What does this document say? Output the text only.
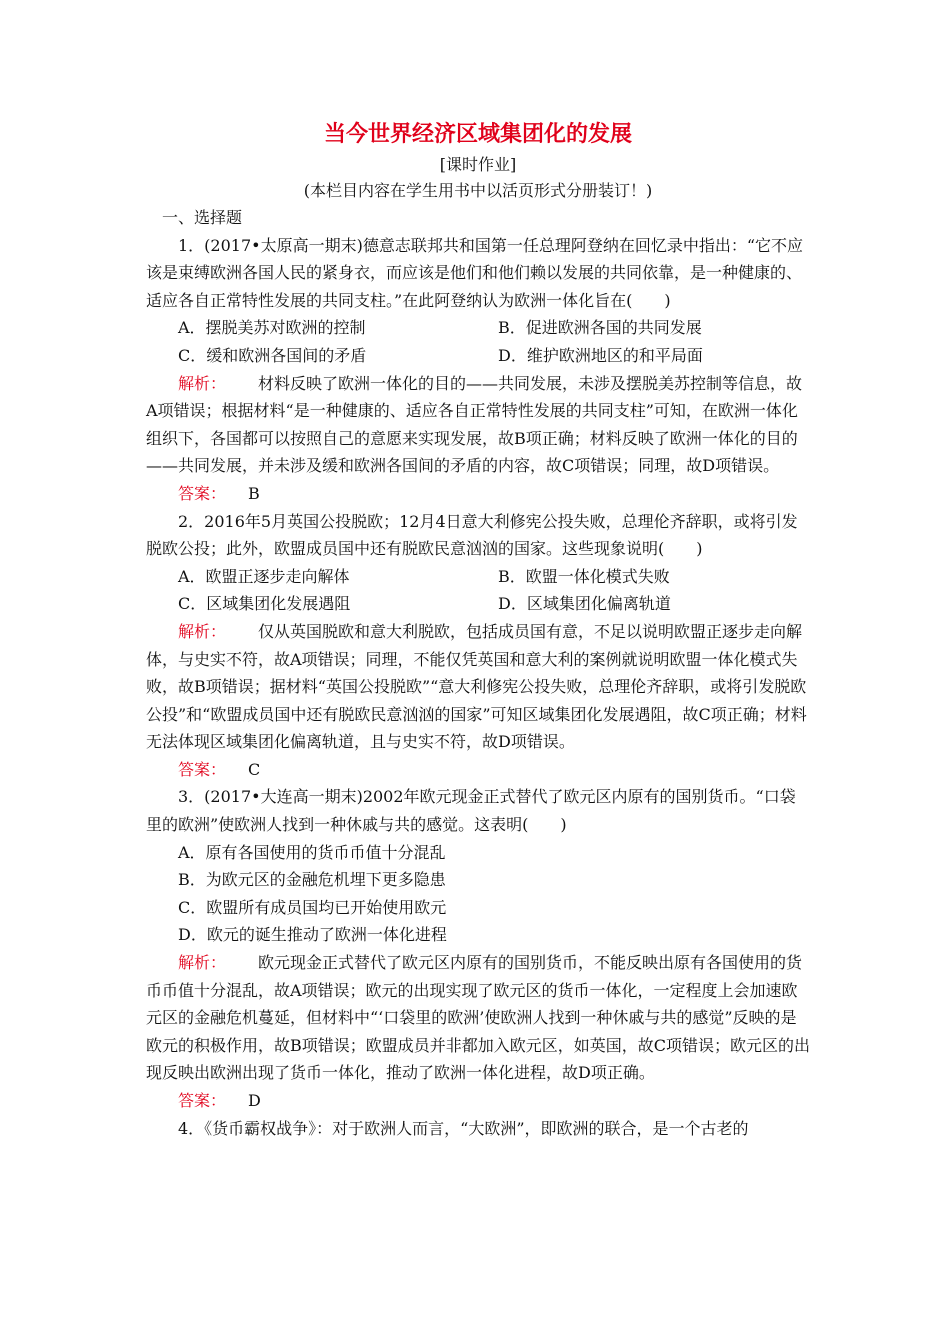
当今世界经济区域集团化的发展

[课时作业]

(本栏目内容在学生用书中以活页形式分册装订！)

一、选择题

1．(2017•太原高一期末)德意志联邦共和国第一任总理阿登纳在回忆录中指出：“它不应该是束缚欧洲各国人民的紧身衣，而应该是他们和他们赖以发展的共同依靠，是一种健康的、适应各自正常特性发展的共同支柱。”在此阿登纳认为欧洲一体化旨在(　　)

A．摆脱美苏对欧洲的控制	B．促进欧洲各国的共同发展
C．缓和欧洲各国间的矛盾	D．维护欧洲地区的和平局面

解析： 材料反映了欧洲一体化的目的——共同发展，未涉及摆脱美苏控制等信息，故A项错误；根据材料“是一种健康的、适应各自正常特性发展的共同支柱”可知，在欧洲一体化组织下，各国都可以按照自己的意愿来实现发展，故B项正确；材料反映了欧洲一体化的目的——共同发展，并未涉及缓和欧洲各国间的矛盾的内容，故C项错误；同理，故D项错误。

答案： B

2．2016年5月英国公投脱欧；12月4日意大利修宪公投失败，总理伦齐辞职，或将引发脱欧公投；此外，欧盟成员国中还有脱欧民意汹汹的国家。这些现象说明(　　)

A．欧盟正逐步走向解体	B．欧盟一体化模式失败
C．区域集团化发展遇阻	D．区域集团化偏离轨道

解析： 仅从英国脱欧和意大利脱欧，包括成员国有意，不足以说明欧盟正逐步走向解体，与史实不符，故A项错误；同理，不能仅凭英国和意大利的案例就说明欧盟一体化模式失败，故B项错误；据材料“英国公投脱欧”“意大利修宪公投失败，总理伦齐辞职，或将引发脱欧公投”和“欧盟成员国中还有脱欧民意汹汹的国家”可知区域集团化发展遇阻，故C项正确；材料无法体现区域集团化偏离轨道，且与史实不符，故D项错误。

答案： C

3．(2017•大连高一期末)2002年欧元现金正式替代了欧元区内原有的国别货币。“口袋里的欧洲”使欧洲人找到一种休戚与共的感觉。这表明(　　)

A．原有各国使用的货币币值十分混乱

B．为欧元区的金融危机埋下更多隐患

C．欧盟所有成员国均已开始使用欧元

D．欧元的诞生推动了欧洲一体化进程

解析： 欧元现金正式替代了欧元区内原有的国别货币，不能反映出原有各国使用的货币币值十分混乱，故A项错误；欧元的出现实现了欧元区的货币一体化，一定程度上会加速欧元区的金融危机蔓延，但材料中“‘口袋里的欧洲’使欧洲人找到一种休戚与共的感觉”反映的是欧元的积极作用，故B项错误；欧盟成员并非都加入欧元区，如英国，故C项错误；欧元区的出现反映出欧洲出现了货币一体化，推动了欧洲一体化进程，故D项正确。

答案： D

4．《货币霸权战争》：对于欧洲人而言，“大欧洲”，即欧洲的联合，是一个古老的
